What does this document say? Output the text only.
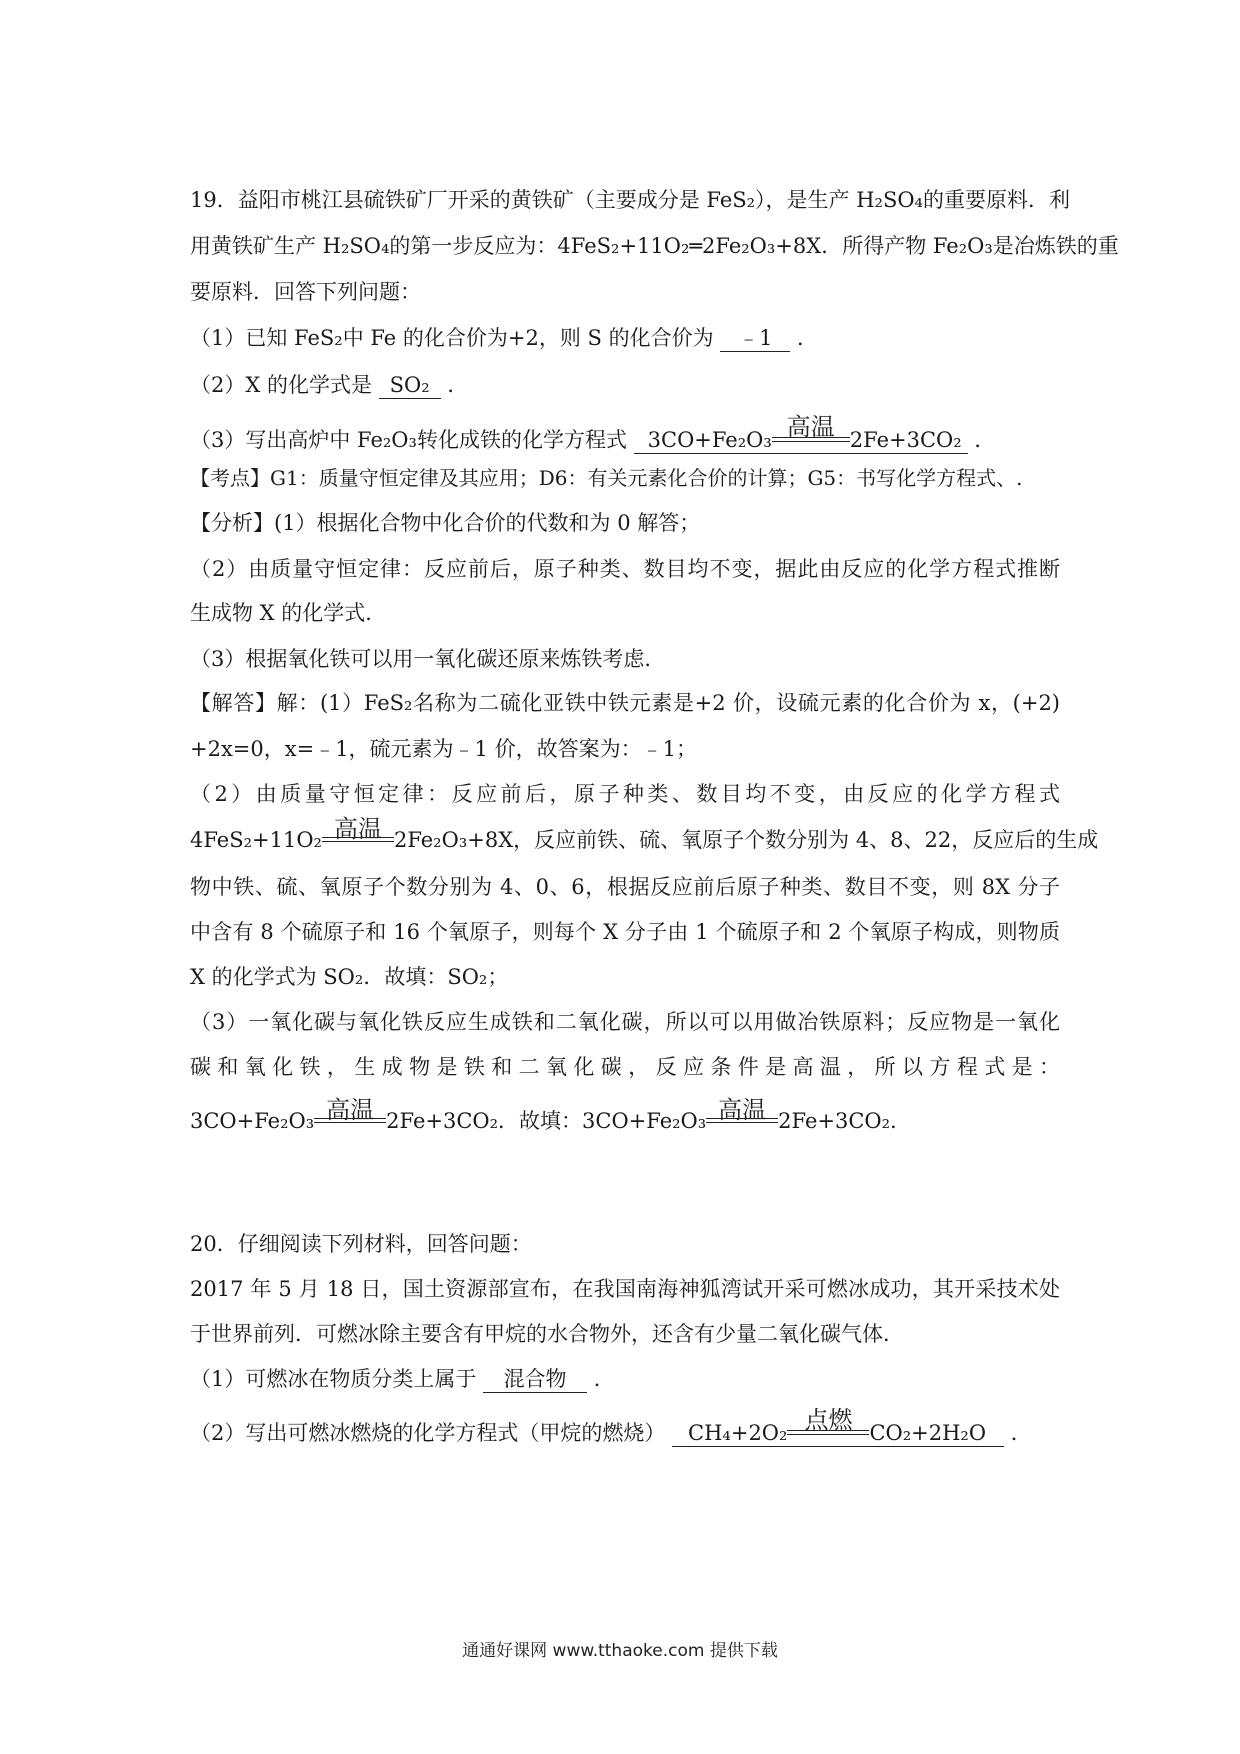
19．益阳市桃江县硫铁矿厂开采的黄铁矿（主要成分是 FeS₂），是生产 H₂SO₄的重要原料．利
用黄铁矿生产 H₂SO₄的第一步反应为：4FeS₂+11O₂═2Fe₂O₃+8X．所得产物 Fe₂O₃是冶炼铁的重
要原料．回答下列问题：
（1）已知 FeS₂中 Fe 的化合价为+2，则 S 的化合价为 ﹣1 ．
（2）X 的化学式是 SO₂ ．
（3）写出高炉中 Fe₂O₃转化成铁的化学方程式 3CO+Fe₂O₃ 高温 2Fe+3CO₂ ．
【考点】G1：质量守恒定律及其应用；D6：有关元素化合价的计算；G5：书写化学方程式、.
【分析】(1）根据化合物中化合价的代数和为 0 解答；
（2）由质量守恒定律：反应前后，原子种类、数目均不变，据此由反应的化学方程式推断
生成物 X 的化学式．
（3）根据氧化铁可以用一氧化碳还原来炼铁考虑．
【解答】解：(1）FeS₂名称为二硫化亚铁中铁元素是+2 价，设硫元素的化合价为 x，(+2)
+2x=0，x=﹣1，硫元素为﹣1 价，故答案为：﹣1；
（2）由质量守恒定律：反应前后，原子种类、数目均不变，由反应的化学方程式
4FeS₂+11O₂ 高温 2Fe₂O₃+8X，反应前铁、硫、氧原子个数分别为 4、8、22，反应后的生成
物中铁、硫、氧原子个数分别为 4、0、6，根据反应前后原子种类、数目不变，则 8X 分子
中含有 8 个硫原子和 16 个氧原子，则每个 X 分子由 1 个硫原子和 2 个氧原子构成，则物质
X 的化学式为 SO₂．故填：SO₂；
（3）一氧化碳与氧化铁反应生成铁和二氧化碳，所以可以用做冶铁原料；反应物是一氧化
碳和氧化铁，生成物是铁和二氧化碳，反应条件是高温，所以方程式是：
3CO+Fe₂O₃ 高温 2Fe+3CO₂．故填：3CO+Fe₂O₃ 高温 2Fe+3CO₂.
20．仔细阅读下列材料，回答问题：
2017 年 5 月 18 日，国土资源部宣布，在我国南海神狐湾试开采可燃冰成功，其开采技术处
于世界前列．可燃冰除主要含有甲烷的水合物外，还含有少量二氧化碳气体．
（1）可燃冰在物质分类上属于 混合物 ．
（2）写出可燃冰燃烧的化学方程式（甲烷的燃烧） CH₄+2O₂ 点燃 CO₂+2H₂O ．
通通好课网 www.tthaoke.com 提供下载
